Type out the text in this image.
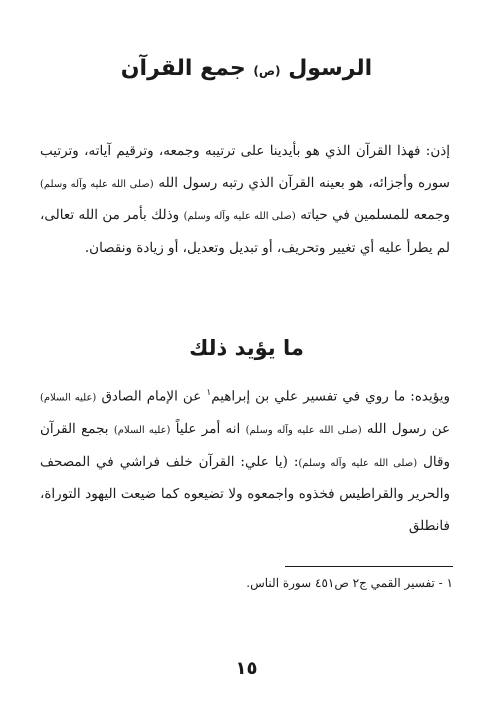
الرسول (ص) جمع القرآن

إذن: فهذا القرآن الذي هو بأيدينا على ترتيبه وجمعه، وترقيم آياته، وترتيب سوره وأجزائه، هو بعينه القرآن الذي رتبه رسول الله (صلى الله عليه وآله وسلم) وجمعه للمسلمين في حياته (صلى الله عليه وآله وسلم) وذلك بأمر من الله تعالى، لم يطرأ عليه أي تغيير وتحريف، أو تبديل وتعديل، أو زيادة ونقصان.

ما يؤيد ذلك

ويؤيده: ما روي في تفسير علي بن إبراهيم$^١$ عن الإمام الصادق (عليه السلام) عن رسول الله (صلى الله عليه وآله وسلم) انه أمر علياً (عليه السلام) بجمع القرآن وقال (صلى الله عليه وآله وسلم): (يا علي: القرآن خلف فراشي في المصحف والحرير والقراطيس فخذوه واجمعوه ولا تضيعوه كما ضيعت اليهود التوراة، فانطلق

١ - تفسير القمي ج٢ ص٤٥١ سورة الناس.
١٥
